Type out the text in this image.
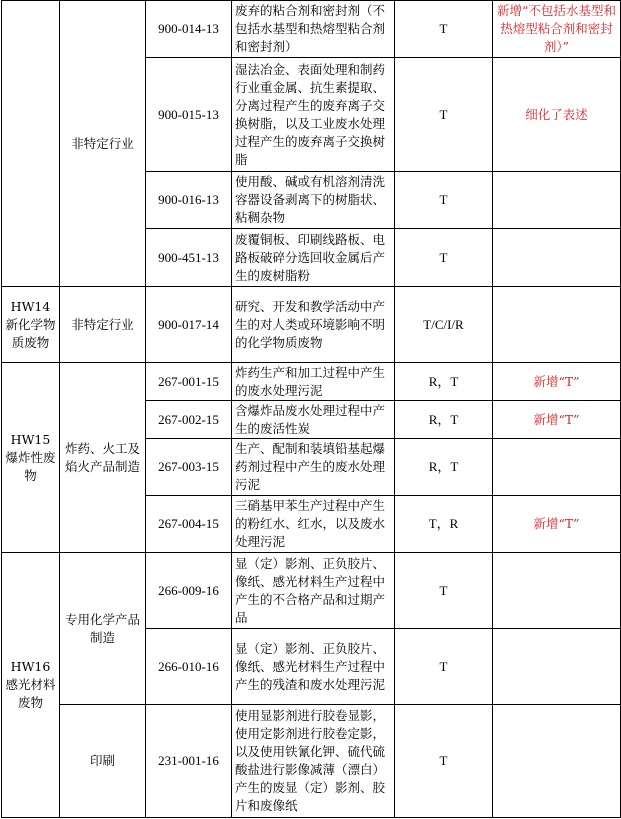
	非特定行业	900-014-13	废弃的粘合剂和密封剂（不包括水基型和热熔型粘合剂和密封剂）	T	新增“不包括水基型和热熔型粘合剂和密封剂）”
		900-015-13	湿法冶金、表面处理和制药行业重金属、抗生素提取、分离过程产生的废弃离子交换树脂，以及工业废水处理过程产生的废弃离子交换树脂	T	细化了表述
		900-016-13	使用酸、碱或有机溶剂清洗容器设备剥离下的树脂状、粘稠杂物	T	
		900-451-13	废覆铜板、印刷线路板、电路板破碎分选回收金属后产生的废树脂粉	T	
HW14 新化学物质废物	非特定行业	900-017-14	研究、开发和教学活动中产生的对人类或环境影响不明的化学物质废物	T/C/I/R	
HW15 爆炸性废物	炸药、火工及焰火产品制造	267-001-15	炸药生产和加工过程中产生的废水处理污泥	R，T	新增“T”
		267-002-15	含爆炸品废水处理过程中产生的废活性炭	R，T	新增“T”
		267-003-15	生产、配制和装填铅基起爆药剂过程中产生的废水处理污泥	R，T	
		267-004-15	三硝基甲苯生产过程中产生的粉红水、红水，以及废水处理污泥	T，R	新增“T”
HW16 感光材料废物	专用化学产品制造	266-009-16	显（定）影剂、正负胶片、像纸、感光材料生产过程中产生的不合格产品和过期产品	T	
		266-010-16	显（定）影剂、正负胶片、像纸、感光材料生产过程中产生的残渣和废水处理污泥	T	
	印刷	231-001-16	使用显影剂进行胶卷显影，使用定影剂进行胶卷定影，以及使用铁氰化钾、硫代硫酸盐进行影像减薄（漂白）产生的废显（定）影剂、胶片和废像纸	T	
